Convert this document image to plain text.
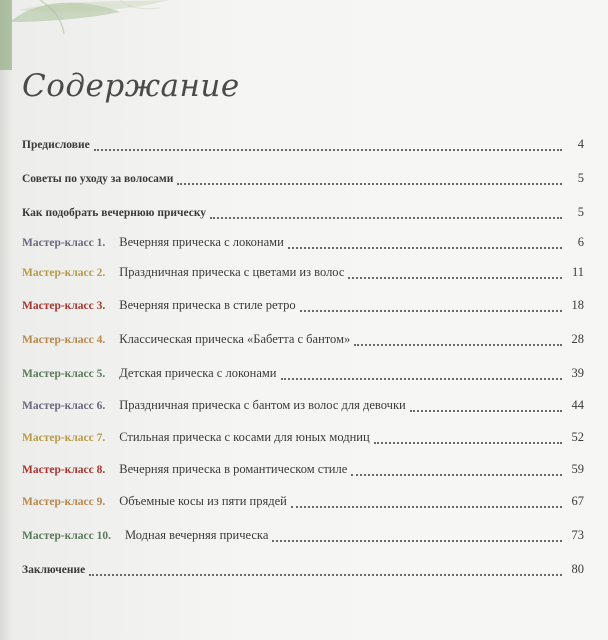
Содержание
Предисловие	4
Советы по уходу за волосами	5
Как подобрать вечернюю прическу	5
Мастер-класс 1. Вечерняя прическа с локонами	6
Мастер-класс 2. Праздничная прическа с цветами из волос	11
Мастер-класс 3. Вечерняя прическа в стиле ретро	18
Мастер-класс 4. Классическая прическа «Бабетта с бантом»	28
Мастер-класс 5. Детская прическа с локонами	39
Мастер-класс 6. Праздничная прическа с бантом из волос для девочки	44
Мастер-класс 7. Стильная прическа с косами для юных модниц	52
Мастер-класс 8. Вечерняя прическа в романтическом стиле	59
Мастер-класс 9. Объемные косы из пяти прядей	67
Мастер-класс 10. Модная вечерняя прическа	73
Заключение	80
